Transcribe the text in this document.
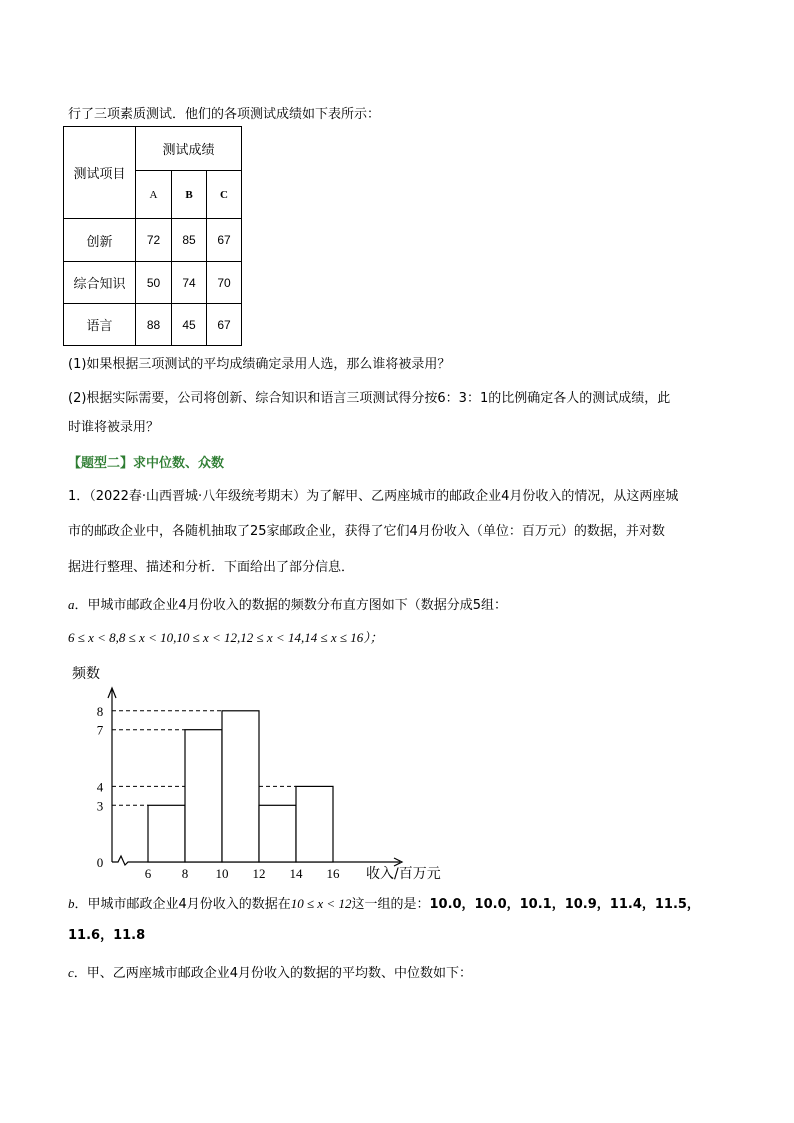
行了三项素质测试．他们的各项测试成绩如下表所示：
测试项目	测试成绩		
	A	B	C
创新	72	85	67
综合知识	50	74	70
语言	88	45	67
(1)如果根据三项测试的平均成绩确定录用人选，那么谁将被录用？
(2)根据实际需要，公司将创新、综合知识和语言三项测试得分按6：3：1的比例确定各人的测试成绩，此
时谁将被录用？
【题型二】求中位数、众数
1．（2022春·山西晋城·八年级统考期末）为了解甲、乙两座城市的邮政企业4月份收入的情况，从这两座城
市的邮政企业中，各随机抽取了25家邮政企业，获得了它们4月份收入（单位：百万元）的数据，并对数
据进行整理、描述和分析．下面给出了部分信息．
a．甲城市邮政企业4月份收入的数据的频数分布直方图如下（数据分成5组：
6 ≤ x < 8,8 ≤ x < 10,10 ≤ x < 12,12 ≤ x < 14,14 ≤ x ≤ 16）；
频数
8
7
4
3
0
6 8 10 12 14 16 收入/百万元
b．甲城市邮政企业4月份收入的数据在10 ≤ x < 12这一组的是：10.0，10.0，10.1，10.9，11.4，11.5，
11.6，11.8
c．甲、乙两座城市邮政企业4月份收入的数据的平均数、中位数如下：
